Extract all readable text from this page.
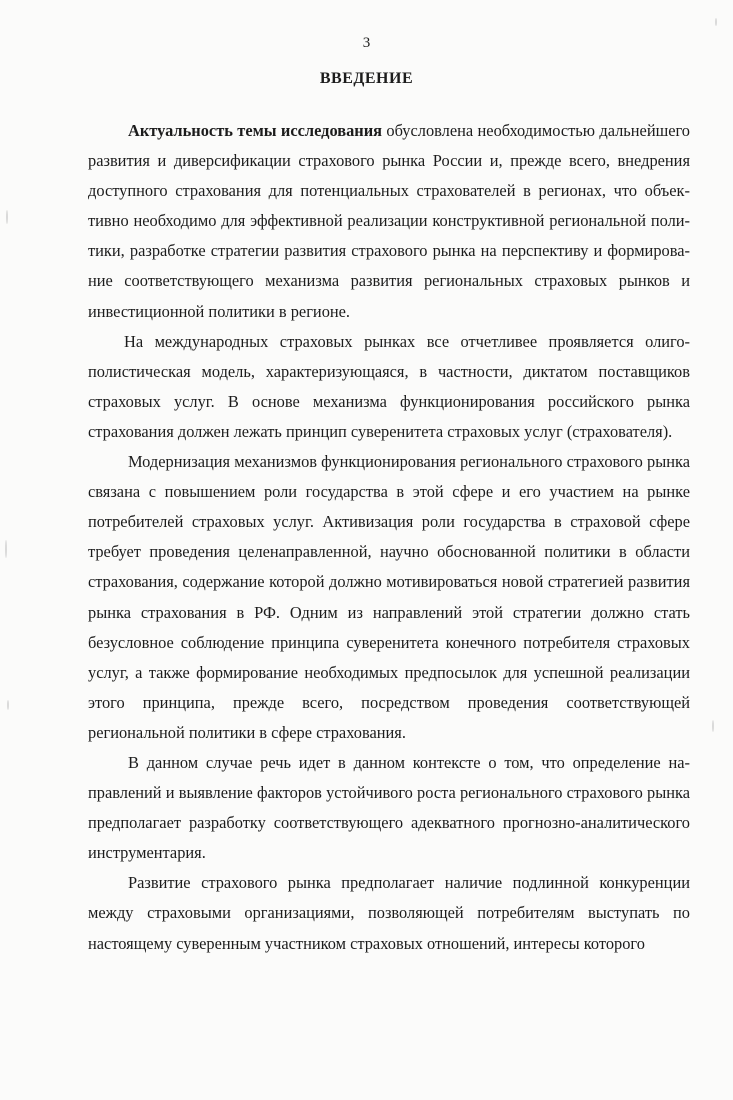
3
ВВЕДЕНИЕ

Актуальность темы исследования обусловлена необходимостью дальнейшего развития и диверсификации страхового рынка России и, прежде всего, внедрения доступного страхования для потенциальных страхователей в регионах, что объективно необходимо для эффективной реализации конструктивной региональной политики, разработке стратегии развития страхового рынка на перспективу и формирование соответствующего механизма развития региональных страховых рынков и инвестиционной политики в регионе.

На международных страховых рынках все отчетливее проявляется олигополистическая модель, характеризующаяся, в частности, диктатом поставщиков страховых услуг. В основе механизма функционирования российского рынка страхования должен лежать принцип суверенитета страховых услуг (страхователя).

Модернизация механизмов функционирования регионального страхового рынка связана с повышением роли государства в этой сфере и его участием на рынке потребителей страховых услуг. Активизация роли государства в страховой сфере требует проведения целенаправленной, научно обоснованной политики в области страхования, содержание которой должно мотивироваться новой стратегией развития рынка страхования в РФ. Одним из направлений этой стратегии должно стать безусловное соблюдение принципа суверенитета конечного потребителя страховых услуг, а также формирование необходимых предпосылок для успешной реализации этого принципа, прежде всего, посредством проведения соответствующей региональной политики в сфере страхования.

В данном случае речь идет в данном контексте о том, что определение направлений и выявление факторов устойчивого роста регионального страхового рынка предполагает разработку соответствующего адекватного прогнозно-аналитического инструментария.

Развитие страхового рынка предполагает наличие подлинной конкуренции между страховыми организациями, позволяющей потребителям выступать по настоящему суверенным участником страховых отношений, интересы которого
